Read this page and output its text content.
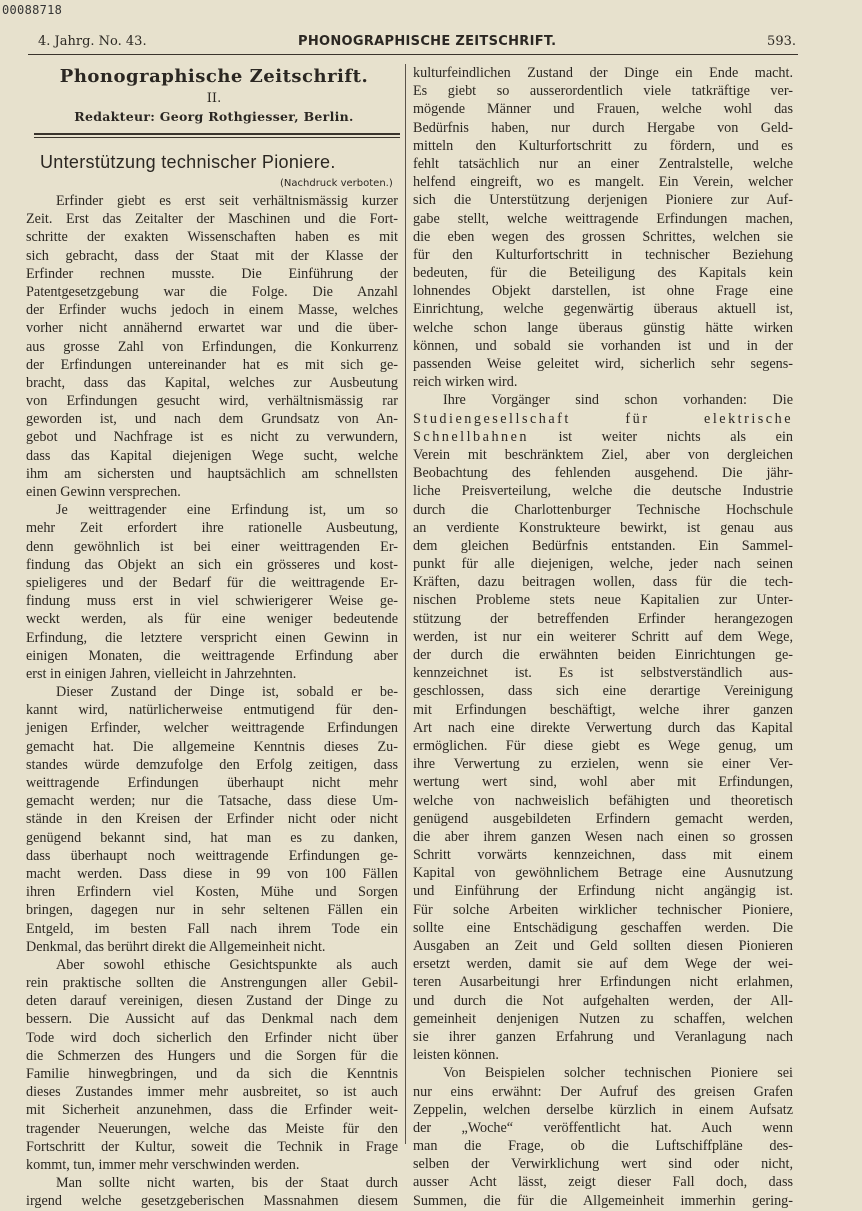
00088718
4. Jahrg. No. 43.	PHONOGRAPHISCHE ZEITSCHRIFT.	593.
Phonographische Zeitschrift.
II.
Redakteur: Georg Rothgiesser, Berlin.
Unterstützung technischer Pioniere.
(Nachdruck verboten.)
Erfinder giebt es erst seit verhältnismässig kurzer
Zeit. Erst das Zeitalter der Maschinen und die Fort-
schritte der exakten Wissenschaften haben es mit
sich gebracht, dass der Staat mit der Klasse der
Erfinder rechnen musste. Die Einführung der
Patentgesetzgebung war die Folge. Die Anzahl
der Erfinder wuchs jedoch in einem Masse, welches
vorher nicht annähernd erwartet war und die über-
aus grosse Zahl von Erfindungen, die Konkurrenz
der Erfindungen untereinander hat es mit sich ge-
bracht, dass das Kapital, welches zur Ausbeutung
von Erfindungen gesucht wird, verhältnismässig rar
geworden ist, und nach dem Grundsatz von An-
gebot und Nachfrage ist es nicht zu verwundern,
dass das Kapital diejenigen Wege sucht, welche
ihm am sichersten und hauptsächlich am schnellsten
einen Gewinn versprechen.
Je weittragender eine Erfindung ist, um so
mehr Zeit erfordert ihre rationelle Ausbeutung,
denn gewöhnlich ist bei einer weittragenden Er-
findung das Objekt an sich ein grösseres und kost-
spieligeres und der Bedarf für die weittragende Er-
findung muss erst in viel schwierigerer Weise ge-
weckt werden, als für eine weniger bedeutende
Erfindung, die letztere verspricht einen Gewinn in
einigen Monaten, die weittragende Erfindung aber
erst in einigen Jahren, vielleicht in Jahrzehnten.
Dieser Zustand der Dinge ist, sobald er be-
kannt wird, natürlicherweise entmutigend für den-
jenigen Erfinder, welcher weittragende Erfindungen
gemacht hat. Die allgemeine Kenntnis dieses Zu-
standes würde demzufolge den Erfolg zeitigen, dass
weittragende Erfindungen überhaupt nicht mehr
gemacht werden; nur die Tatsache, dass diese Um-
stände in den Kreisen der Erfinder nicht oder nicht
genügend bekannt sind, hat man es zu danken,
dass überhaupt noch weittragende Erfindungen ge-
macht werden. Dass diese in 99 von 100 Fällen
ihren Erfindern viel Kosten, Mühe und Sorgen
bringen, dagegen nur in sehr seltenen Fällen ein
Entgeld, im besten Fall nach ihrem Tode ein
Denkmal, das berührt direkt die Allgemeinheit nicht.
Aber sowohl ethische Gesichtspunkte als auch
rein praktische sollten die Anstrengungen aller Gebil-
deten darauf vereinigen, diesen Zustand der Dinge zu
bessern. Die Aussicht auf das Denkmal nach dem
Tode wird doch sicherlich den Erfinder nicht über
die Schmerzen des Hungers und die Sorgen für die
Familie hinwegbringen, und da sich die Kenntnis
dieses Zustandes immer mehr ausbreitet, so ist auch
mit Sicherheit anzunehmen, dass die Erfinder weit-
tragender Neuerungen, welche das Meiste für den
Fortschritt der Kultur, soweit die Technik in Frage
kommt, tun, immer mehr verschwinden werden.
Man sollte nicht warten, bis der Staat durch
irgend welche gesetzgeberischen Massnahmen diesem
kulturfeindlichen Zustand der Dinge ein Ende macht.
Es giebt so ausserordentlich viele tatkräftige ver-
mögende Männer und Frauen, welche wohl das
Bedürfnis haben, nur durch Hergabe von Geld-
mitteln den Kulturfortschritt zu fördern, und es
fehlt tatsächlich nur an einer Zentralstelle, welche
helfend eingreift, wo es mangelt. Ein Verein, welcher
sich die Unterstützung derjenigen Pioniere zur Auf-
gabe stellt, welche weittragende Erfindungen machen,
die eben wegen des grossen Schrittes, welchen sie
für den Kulturfortschritt in technischer Beziehung
bedeuten, für die Beteiligung des Kapitals kein
lohnendes Objekt darstellen, ist ohne Frage eine
Einrichtung, welche gegenwärtig überaus aktuell ist,
welche schon lange überaus günstig hätte wirken
können, und sobald sie vorhanden ist und in der
passenden Weise geleitet wird, sicherlich sehr segens-
reich wirken wird.
Ihre Vorgänger sind schon vorhanden: Die
Studiengesellschaft für elektrische
Schnellbahnen ist weiter nichts als ein
Verein mit beschränktem Ziel, aber von dergleichen
Beobachtung des fehlenden ausgehend. Die jähr-
liche Preisverteilung, welche die deutsche Industrie
durch die Charlottenburger Technische Hochschule
an verdiente Konstrukteure bewirkt, ist genau aus
dem gleichen Bedürfnis entstanden. Ein Sammel-
punkt für alle diejenigen, welche, jeder nach seinen
Kräften, dazu beitragen wollen, dass für die tech-
nischen Probleme stets neue Kapitalien zur Unter-
stützung der betreffenden Erfinder herangezogen
werden, ist nur ein weiterer Schritt auf dem Wege,
der durch die erwähnten beiden Einrichtungen ge-
kennzeichnet ist. Es ist selbstverständlich aus-
geschlossen, dass sich eine derartige Vereinigung
mit Erfindungen beschäftigt, welche ihrer ganzen
Art nach eine direkte Verwertung durch das Kapital
ermöglichen. Für diese giebt es Wege genug, um
ihre Verwertung zu erzielen, wenn sie einer Ver-
wertung wert sind, wohl aber mit Erfindungen,
welche von nachweislich befähigten und theoretisch
genügend ausgebildeten Erfindern gemacht werden,
die aber ihrem ganzen Wesen nach einen so grossen
Schritt vorwärts kennzeichnen, dass mit einem
Kapital von gewöhnlichem Betrage eine Ausnutzung
und Einführung der Erfindung nicht angängig ist.
Für solche Arbeiten wirklicher technischer Pioniere,
sollte eine Entschädigung geschaffen werden. Die
Ausgaben an Zeit und Geld sollten diesen Pionieren
ersetzt werden, damit sie auf dem Wege der wei-
teren Ausarbeitungi hrer Erfindungen nicht erlahmen,
und durch die Not aufgehalten werden, der All-
gemeinheit denjenigen Nutzen zu schaffen, welchen
sie ihrer ganzen Erfahrung und Veranlagung nach
leisten können.
Von Beispielen solcher technischen Pioniere sei
nur eins erwähnt: Der Aufruf des greisen Grafen
Zeppelin, welchen derselbe kürzlich in einem Aufsatz
der „Woche“ veröffentlicht hat. Auch wenn
man die Frage, ob die Luftschiffpläne des-
selben der Verwirklichung wert sind oder nicht,
ausser Acht lässt, zeigt dieser Fall doch, dass
Summen, die für die Allgemeinheit immerhin gering-
